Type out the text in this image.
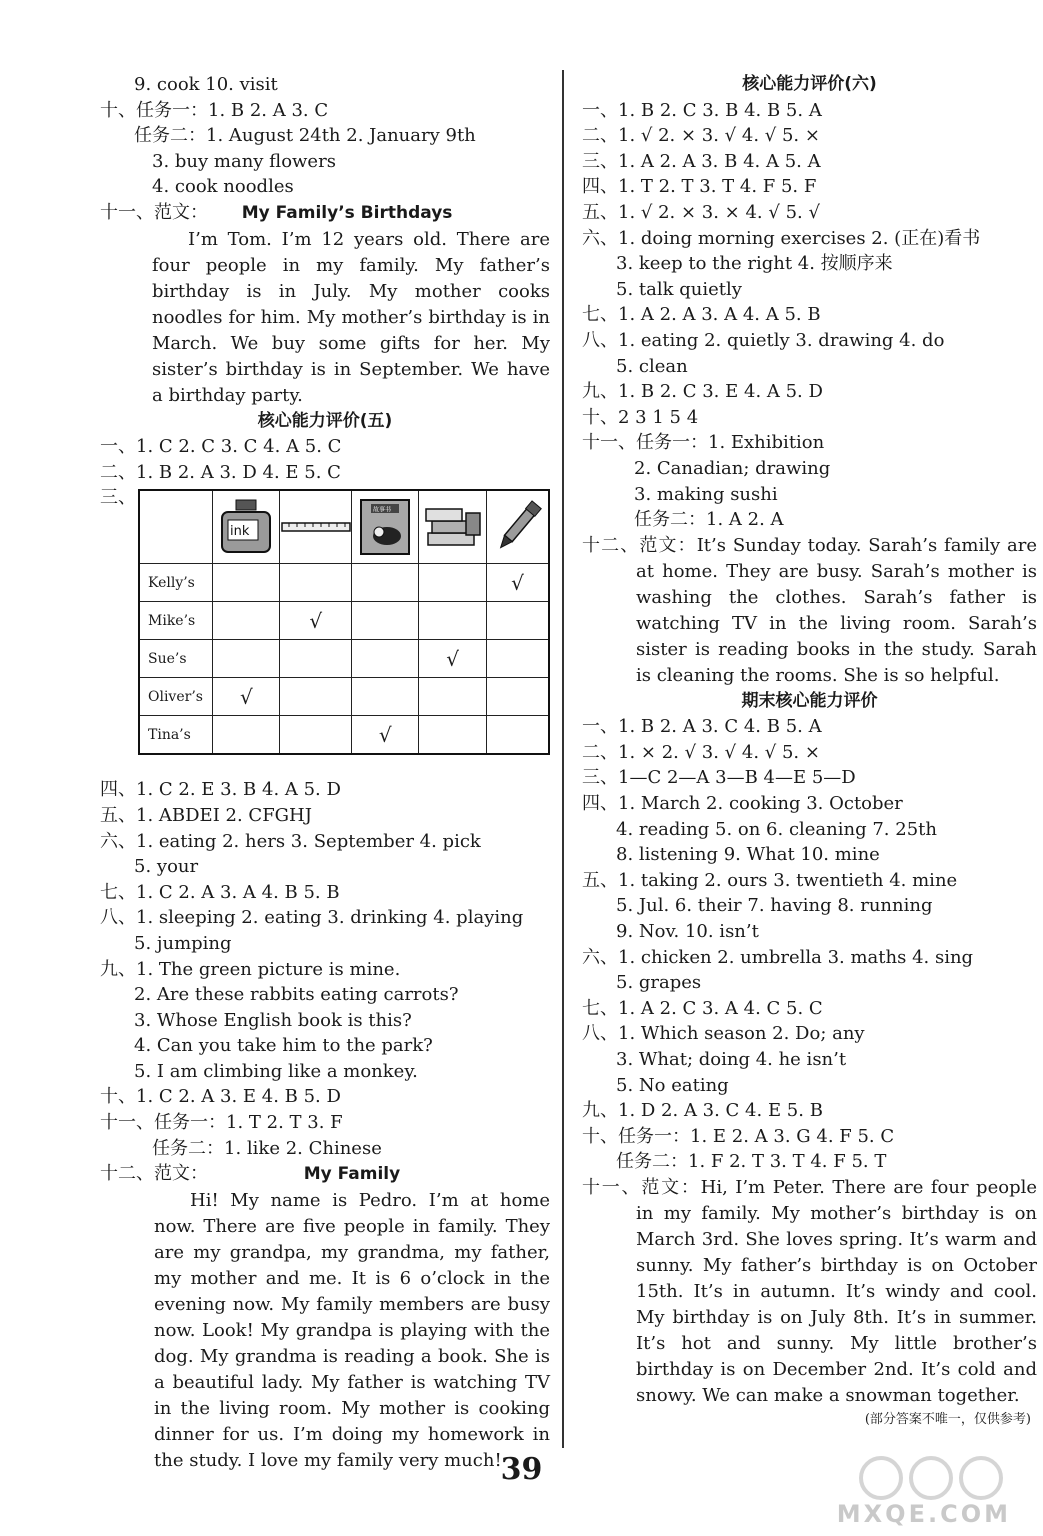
9. cook 10. visit
十、任务一：1. B 2. A 3. C
任务二：1. August 24th 2. January 9th
3. buy many flowers
4. cook noodles
十一、范文： My Family’s Birthdays
I’m Tom. I’m 12 years old. There are four people in my family. My father’s birthday is in July. My mother cooks noodles for him. My mother’s birthday is in March. We buy some gifts for her. My sister’s birthday is in September. We have a birthday party.
核心能力评价(五)
一、1. C 2. C 3. C 4. A 5. C
二、1. B 2. A 3. D 4. E 5. C
三、

ink		故事书

Kelly’s					√
Mike’s		√			
Sue’s				√	
Oliver’s	√				
Tina’s			√		
四、1. C 2. E 3. B 4. A 5. D
五、1. ABDEI 2. CFGHJ
六、1. eating 2. hers 3. September 4. pick
5. your
七、1. C 2. A 3. A 4. B 5. B
八、1. sleeping 2. eating 3. drinking 4. playing
5. jumping
九、1. The green picture is mine.
2. Are these rabbits eating carrots?
3. Whose English book is this?
4. Can you take him to the park?
5. I am climbing like a monkey.
十、1. C 2. A 3. E 4. B 5. D
十一、任务一：1. T 2. T 3. F
任务二：1. like 2. Chinese
十二、范文：	My Family
Hi! My name is Pedro. I’m at home now. There are five people in family. They are my grandpa, my grandma, my father, my mother and me. It is 6 o’clock in the evening now. My family members are busy now. Look! My grandpa is playing with the dog. My grandma is reading a book. She is a beautiful lady. My father is watching TV in the living room. My mother is cooking dinner for us. I’m doing my homework in the study. I love my family very much!
核心能力评价(六)
一、1. B 2. C 3. B 4. B 5. A
二、1. √ 2. × 3. √ 4. √ 5. ×
三、1. A 2. A 3. B 4. A 5. A
四、1. T 2. T 3. T 4. F 5. F
五、1. √ 2. × 3. × 4. √ 5. √
六、1. doing morning exercises 2. (正在)看书
3. keep to the right 4. 按顺序来
5. talk quietly
七、1. A 2. A 3. A 4. A 5. B
八、1. eating 2. quietly 3. drawing 4. do
5. clean
九、1. B 2. C 3. E 4. A 5. D
十、2 3 1 5 4
十一、任务一：1. Exhibition
2. Canadian; drawing
3. making sushi
任务二：1. A 2. A
十二、范文：It’s Sunday today. Sarah’s family are at home. They are busy. Sarah’s mother is washing the clothes. Sarah’s father is watching TV in the living room. Sarah’s sister is reading books in the study. Sarah is cleaning the rooms. She is so helpful.
期末核心能力评价
一、1. B 2. A 3. C 4. B 5. A
二、1. × 2. √ 3. √ 4. √ 5. ×
三、1—C 2—A 3—B 4—E 5—D
四、1. March 2. cooking 3. October
4. reading 5. on 6. cleaning 7. 25th
8. listening 9. What 10. mine
五、1. taking 2. ours 3. twentieth 4. mine
5. Jul. 6. their 7. having 8. running
9. Nov. 10. isn’t
六、1. chicken 2. umbrella 3. maths 4. sing
5. grapes
七、1. A 2. C 3. A 4. C 5. C
八、1. Which season 2. Do; any
3. What; doing 4. he isn’t
5. No eating
九、1. D 2. A 3. C 4. E 5. B
十、任务一：1. E 2. A 3. G 4. F 5. C
任务二：1. F 2. T 3. T 4. F 5. T
十一、范文：Hi, I’m Peter. There are four people in my family. My mother’s birthday is on March 3rd. She loves spring. It’s warm and sunny. My father’s birthday is on October 15th. It’s in autumn. It’s windy and cool. My birthday is on July 8th. It’s in summer. It’s hot and sunny. My little brother’s birthday is on December 2nd. It’s cold and snowy. We can make a snowman together.
(部分答案不唯一，仅供参考)
39
MXQE.COM
